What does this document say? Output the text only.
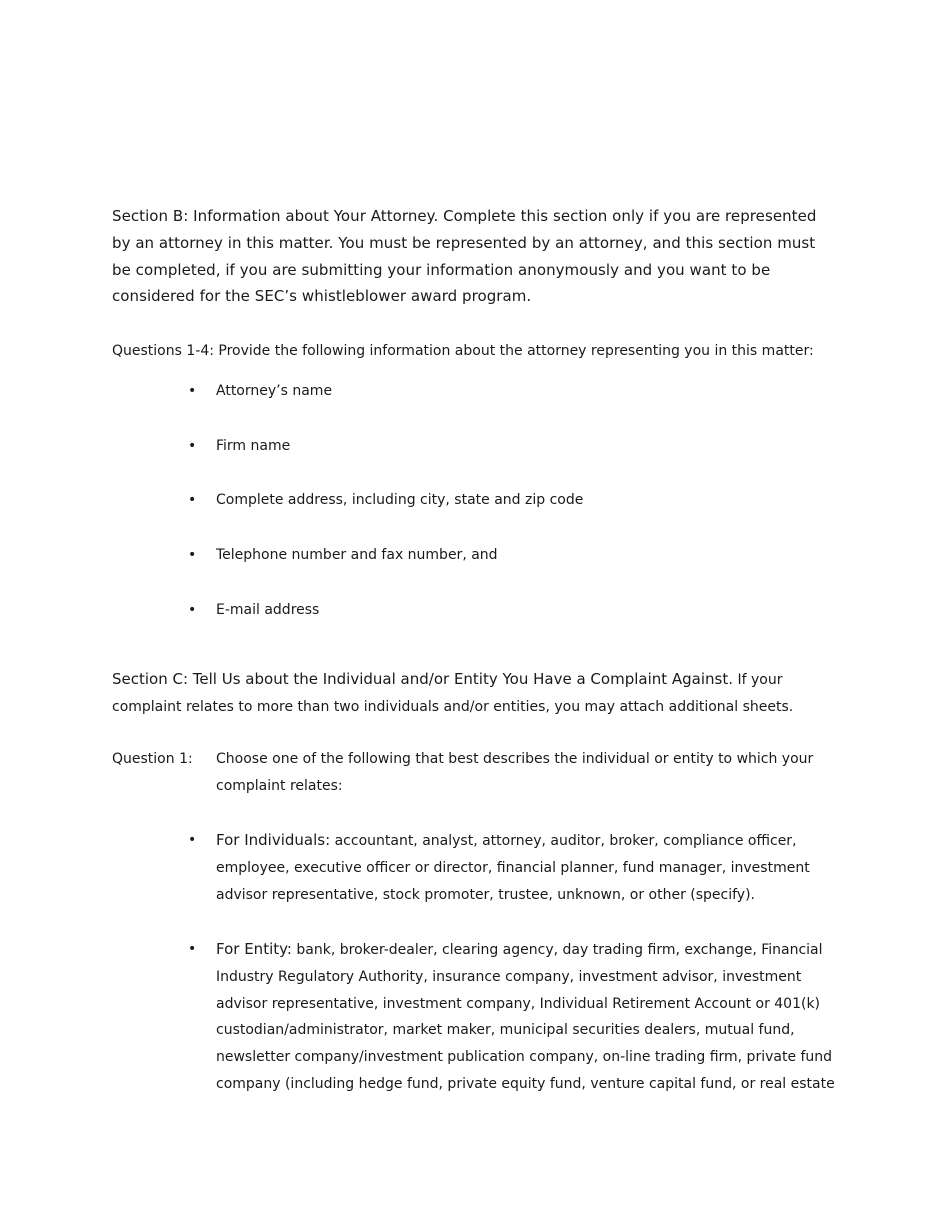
Section B: Information about Your Attorney. Complete this section only if you are represented by an attorney in this matter. You must be represented by an attorney, and this section must be completed, if you are submitting your information anonymously and you want to be considered for the SEC’s whistleblower award program.

Questions 1-4: Provide the following information about the attorney representing you in this matter:

•
Attorney’s name
•
Firm name
•
Complete address, including city, state and zip code
•
Telephone number and fax number, and
•
E-mail address

Section C: Tell Us about the Individual and/or Entity You Have a Complaint Against. If your complaint relates to more than two individuals and/or entities, you may attach additional sheets.

Question 1: Choose one of the following that best describes the individual or entity to which your complaint relates:

•
For Individuals: accountant, analyst, attorney, auditor, broker, compliance officer, employee, executive officer or director, financial planner, fund manager, investment advisor representative, stock promoter, trustee, unknown, or other (specify).
•
For Entity: bank, broker-dealer, clearing agency, day trading firm, exchange, Financial Industry Regulatory Authority, insurance company, investment advisor, investment advisor representative, investment company, Individual Retirement Account or 401(k) custodian/administrator, market maker, municipal securities dealers, mutual fund, newsletter company/investment publication company, on-line trading firm, private fund company (including hedge fund, private equity fund, venture capital fund, or real estate
